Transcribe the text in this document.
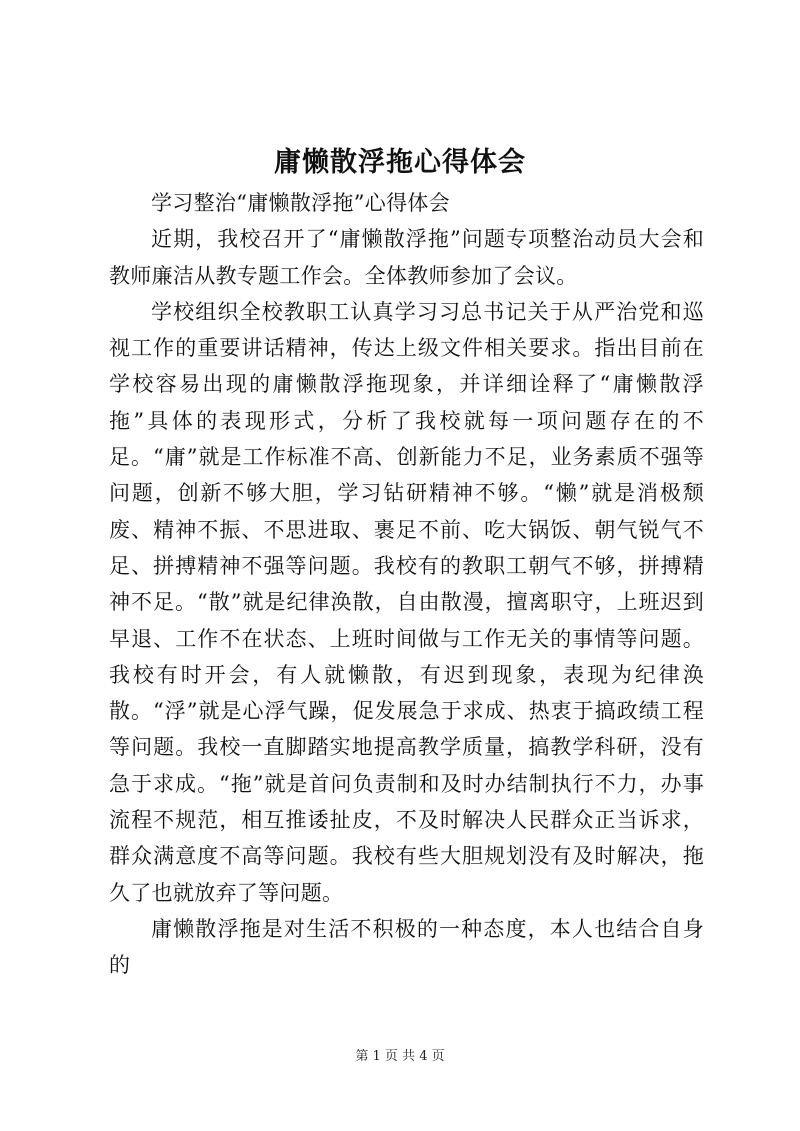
庸懒散浮拖心得体会

学习整治“庸懒散浮拖”心得体会

近期，我校召开了“庸懒散浮拖”问题专项整治动员大会和教师廉洁从教专题工作会。全体教师参加了会议。

学校组织全校教职工认真学习习总书记关于从严治党和巡视工作的重要讲话精神，传达上级文件相关要求。指出目前在学校容易出现的庸懒散浮拖现象，并详细诠释了“庸懒散浮拖”具体的表现形式，分析了我校就每一项问题存在的不足。“庸”就是工作标准不高、创新能力不足，业务素质不强等问题，创新不够大胆，学习钻研精神不够。“懒”就是消极颓废、精神不振、不思进取、裹足不前、吃大锅饭、朝气锐气不足、拼搏精神不强等问题。我校有的教职工朝气不够，拼搏精神不足。“散”就是纪律涣散，自由散漫，擅离职守，上班迟到早退、工作不在状态、上班时间做与工作无关的事情等问题。我校有时开会，有人就懒散，有迟到现象，表现为纪律涣散。“浮”就是心浮气躁，促发展急于求成、热衷于搞政绩工程等问题。我校一直脚踏实地提高教学质量，搞教学科研，没有急于求成。“拖”就是首问负责制和及时办结制执行不力，办事流程不规范，相互推诿扯皮，不及时解决人民群众正当诉求，群众满意度不高等问题。我校有些大胆规划没有及时解决，拖久了也就放弃了等问题。

庸懒散浮拖是对生活不积极的一种态度，本人也结合自身的

第 1 页 共 4 页
